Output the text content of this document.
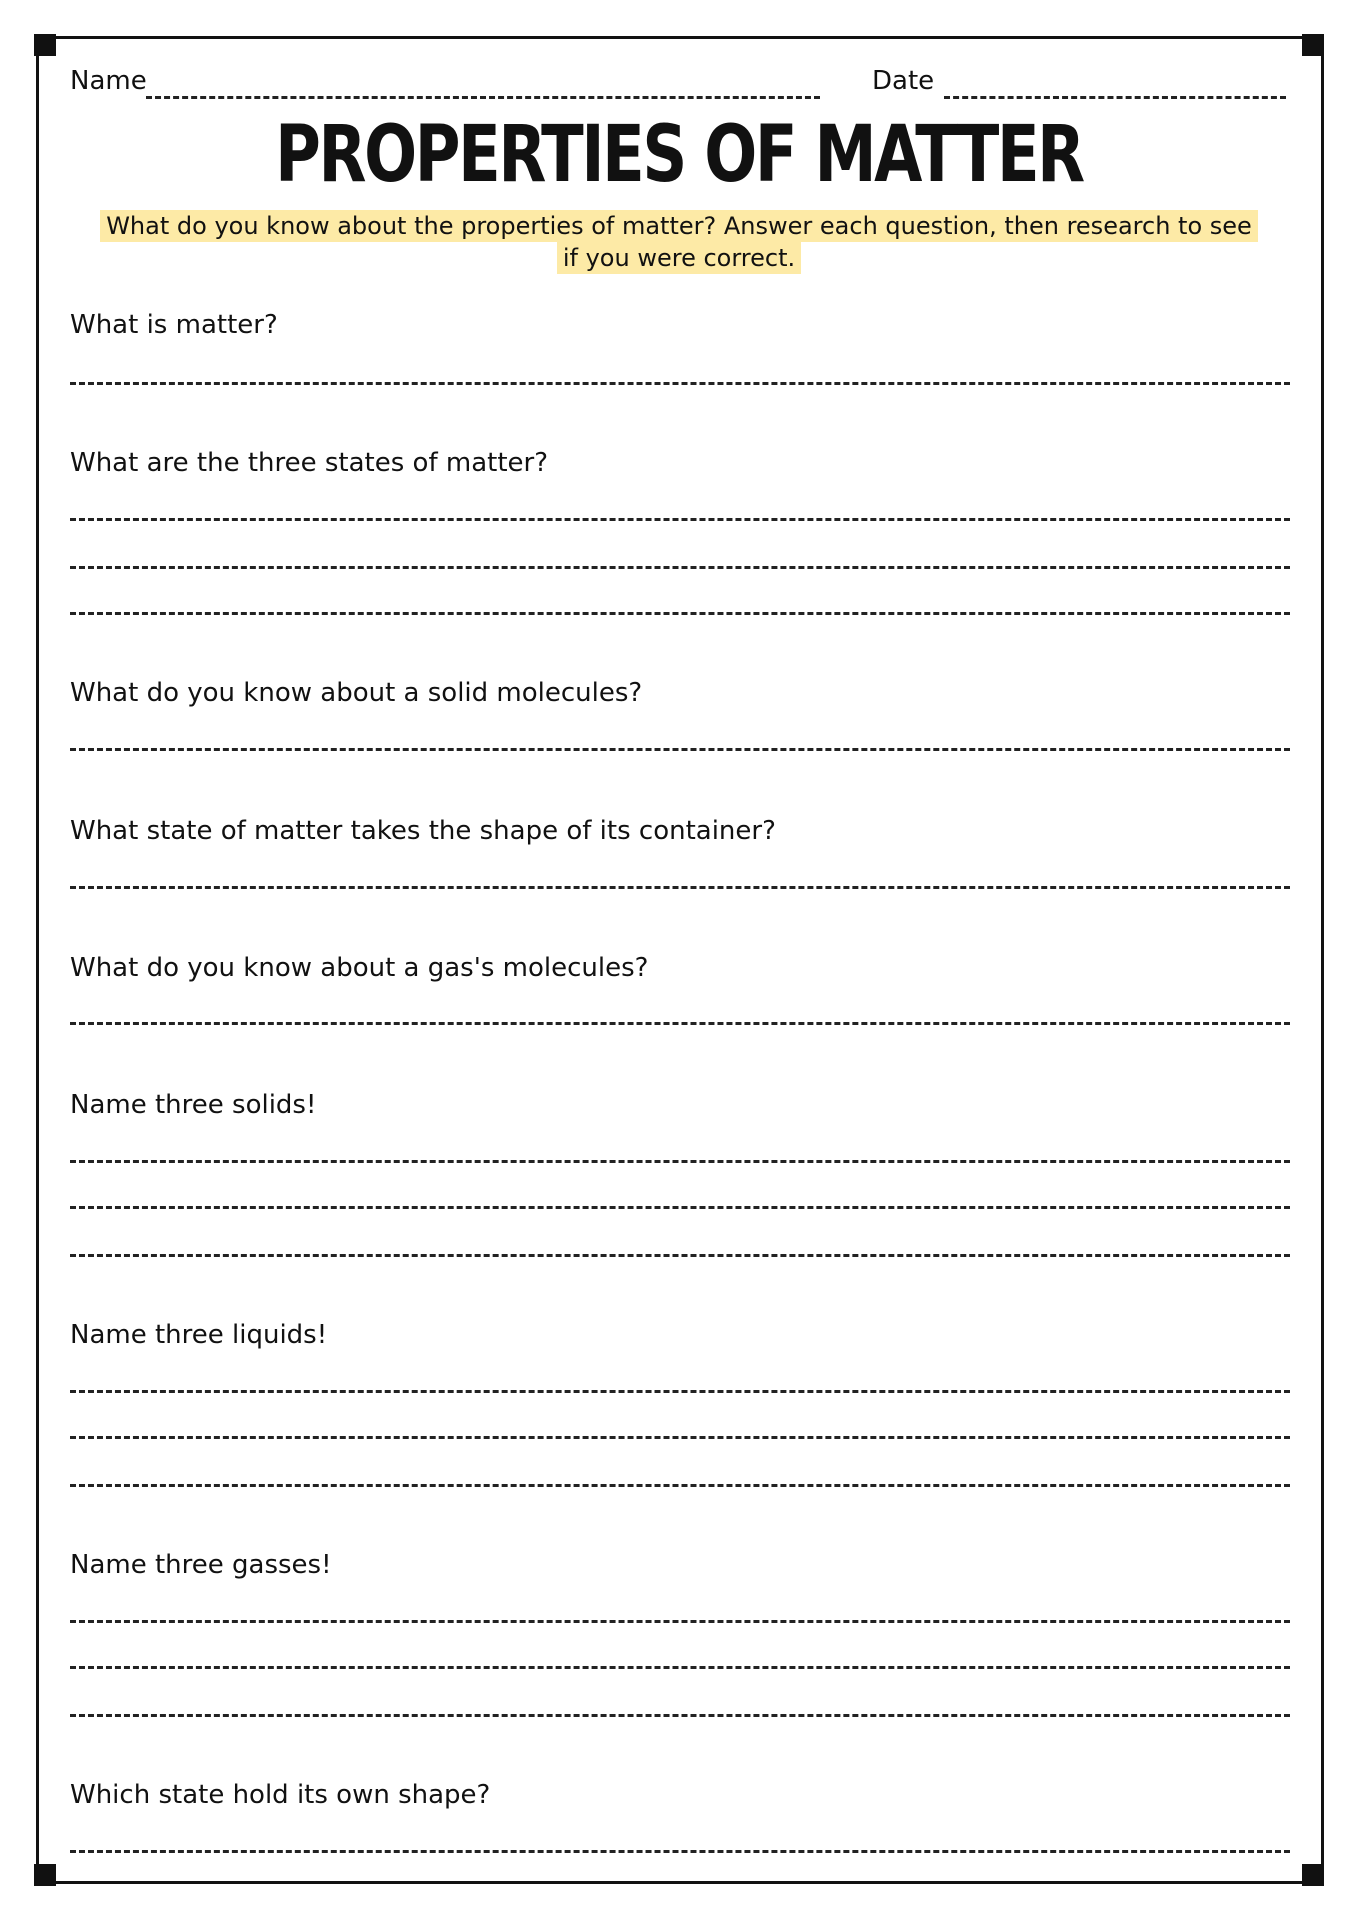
Name	Date
PROPERTIES OF MATTER
What do you know about the properties of matter? Answer each question, then research to see
if you were correct.
What is matter?
What are the three states of matter?
What do you know about a solid molecules?
What state of matter takes the shape of its container?
What do you know about a gas's molecules?
Name three solids!
Name three liquids!
Name three gasses!
Which state hold its own shape?
